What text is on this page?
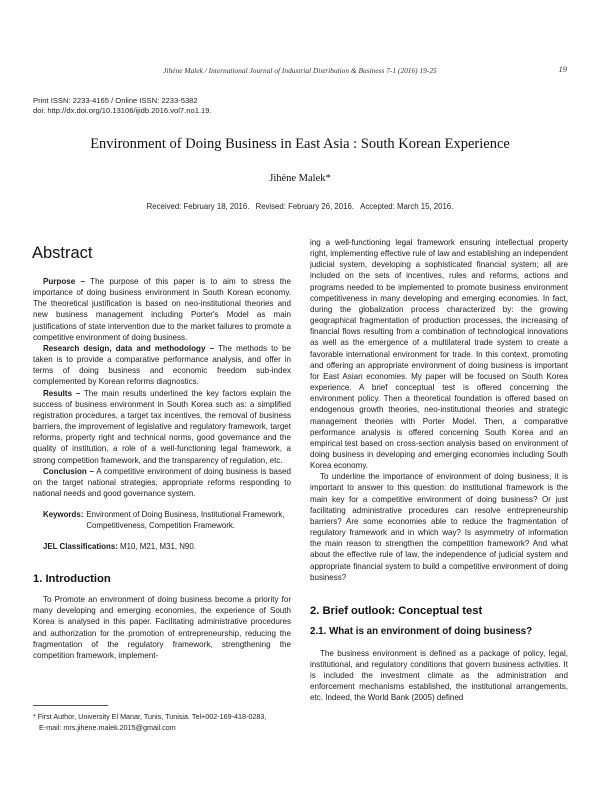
Jihène Malek / International Journal of Industrial Distribution & Business 7-1 (2016) 19-25	19
Print ISSN: 2233-4165 / Online ISSN: 2233-5382
doi: http://dx.doi.org/10.13106/ijidb.2016.vol7.no1.19.
Environment of Doing Business in East Asia : South Korean Experience
Jihène Malek*
Received: February 18, 2016. Revised: February 26, 2016. Accepted: March 15, 2016.
Abstract

Purpose – The purpose of this paper is to aim to stress the importance of doing business environment in South Korean economy. The theoretical justification is based on neo-institutional theories and new business management including Porter's Model as main justifications of state intervention due to the market failures to promote a competitive environment of doing business.

Research design, data and methodology – The methods to be taken is to provide a comparative performance analysis, and offer in terms of doing business and economic freedom sub-index complemented by Korean reforms diagnostics.

Results – The main results underlined the key factors explain the success of business environment in South Korea such as: a simplified registration procedures, a target tax incentives, the removal of business barriers, the improvement of legislative and regulatory framework, target reforms, property right and technical norms, good governance and the quality of institution, a role of a well-functioning legal framework, a strong competition framework, and the transparency of regulation, etc.

Conclusion – A competitive environment of doing business is based on the target national strategies, appropriate reforms responding to national needs and good governance system.

Keywords: Environment of Doing Business, Institutional Framework, Competitiveness, Competition Framework.
JEL Classifications: M10, M21, M31, N90.
1. Introduction

To Promote an environment of doing business become a priority for many developing and emerging economies, the experience of South Korea is analysed in this paper. Facilitating administrative procedures and authorization for the promotion of entrepreneurship, reducing the fragmentation of the regulatory framework, strengthening the competition framework, implement-

ing a well-functioning legal framework ensuring intellectual property right, implementing effective rule of law and establishing an independent judicial system, developing a sophisticated financial system; all are included on the sets of incentives, rules and reforms, actions and programs needed to be implemented to promote business environment competitiveness in many developing and emerging economies. In fact, during the globalization process characterized by: the growing geographical fragmentation of production processes, the increasing of financial flows resulting from a combination of technological innovations as well as the emergence of a multilateral trade system to create a favorable international environment for trade. In this context, promoting and offering an appropriate environment of doing business is important for East Asian economies. My paper will be focused on South Korea experience. A brief conceptual test is offered concerning the environment policy. Then a theoretical foundation is offered based on endogenous growth theories, neo-institutional theories and strategic management theories with Porter Model. Then, a comparative performance analysis is offered concerning South Korea and an empirical test based on cross-section analysis based on environment of doing business in developing and emerging economies including South Korea economy.

To underline the importance of environment of doing business, it is important to answer to this question: do institutional framework is the main key for a competitive environment of doing business? Or just facilitating administrative procedures can resolve entrepreneurship barriers? Are some economies able to reduce the fragmentation of regulatory framework and in which way? Is asymmetry of information the main reason to strengthen the competition framework? And what about the effective rule of law, the independence of judicial system and appropriate financial system to build a competitive environment of doing business?

2. Brief outlook: Conceptual test
2.1. What is an environment of doing business?

The business environment is defined as a package of policy, legal, institutional, and regulatory conditions that govern business activities. It is included the investment climate as the administration and enforcement mechanisms established, the institutional arrangements, etc. Indeed, the World Bank (2005) defined

* First Author, University El Manar, Tunis, Tunisia. Tel+002-169-418-0283,
E-mail: mrs.jihene.malek.2015@gmail.com
